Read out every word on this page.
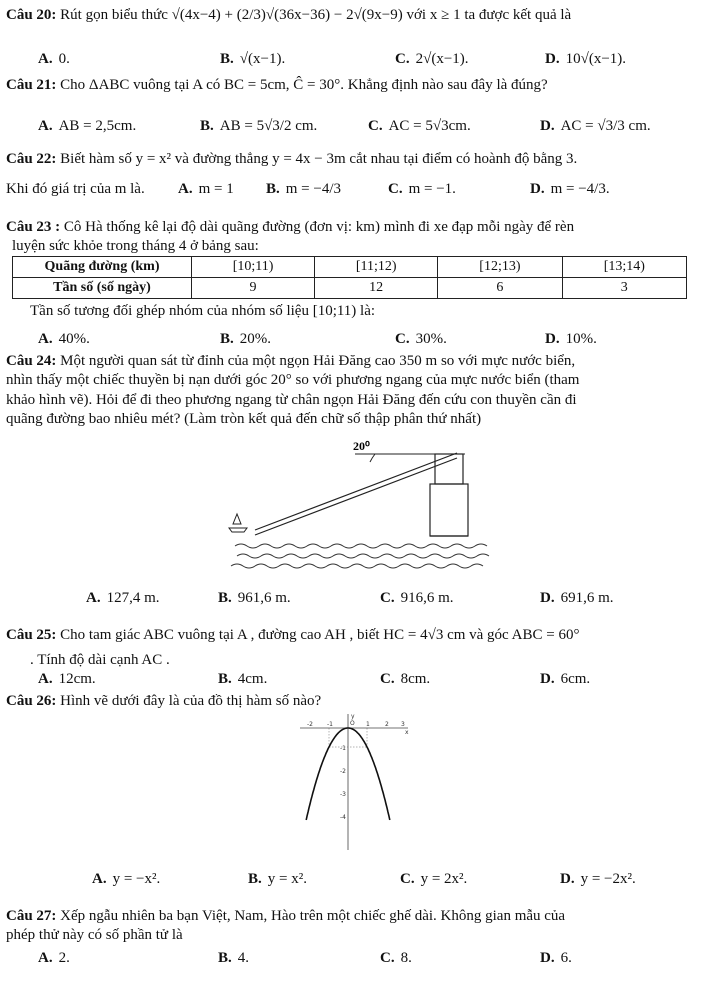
Câu 20: Rút gọn biểu thức √(4x−4) + (2/3)√(36x−36) − 2√(9x−9) với x ≥ 1 ta được kết quả là
A. 0.	B. √(x−1).	C. 2√(x−1).	D. 10√(x−1).
Câu 21: Cho ΔABC vuông tại A có BC = 5cm, Ĉ = 30°. Khẳng định nào sau đây là đúng?
A. AB = 2,5cm.	B. AB = 5√3/2 cm.	C. AC = 5√3cm.	D. AC = √3/3 cm.
Câu 22: Biết hàm số y = x² và đường thẳng y = 4x − 3m cắt nhau tại điểm có hoành độ bằng 3.
Khi đó giá trị của m là. A. m = 1 B. m = −4/3	C. m = −1.	D. m = −4/3.
Câu 23 : Cô Hà thống kê lại độ dài quãng đường (đơn vị: km) mình đi xe đạp mỗi ngày để rèn
luyện sức khỏe trong tháng 4 ở bảng sau:
Quãng đường (km)	[10;11)	[11;12)	[12;13)	[13;14)
Tần số (số ngày)	9	12	6	3
Tần số tương đối ghép nhóm của nhóm số liệu [10;11) là:
A. 40%.	B. 20%.	C. 30%.	D. 10%.
Câu 24: Một người quan sát từ đỉnh của một ngọn Hải Đăng cao 350 m so với mực nước biển,
nhìn thấy một chiếc thuyền bị nạn dưới góc 20° so với phương ngang của mực nước biển (tham
khảo hình vẽ). Hỏi để đi theo phương ngang từ chân ngọn Hải Đăng đến cứu con thuyền cần đi
quãng đường bao nhiêu mét? (Làm tròn kết quả đến chữ số thập phân thứ nhất)
20⁰
A. 127,4 m.	B. 961,6 m.	C. 916,6 m.	D. 691,6 m.
Câu 25: Cho tam giác ABC vuông tại A , đường cao AH , biết HC = 4√3 cm và góc ABC = 60°
. Tính độ dài cạnh AC .
A. 12cm.	B. 4cm.	C. 8cm.	D. 6cm.
Câu 26: Hình vẽ dưới đây là của đồ thị hàm số nào?
y
x
O
-2 -1	1	2 3
-1
-2
-3
-4
A. y = −x².	B. y = x².	C. y = 2x².	D. y = −2x².
Câu 27: Xếp ngẫu nhiên ba bạn Việt, Nam, Hào trên một chiếc ghế dài. Không gian mẫu của
phép thử này có số phần tử là
A. 2.	B. 4.	C. 8.	D. 6.
